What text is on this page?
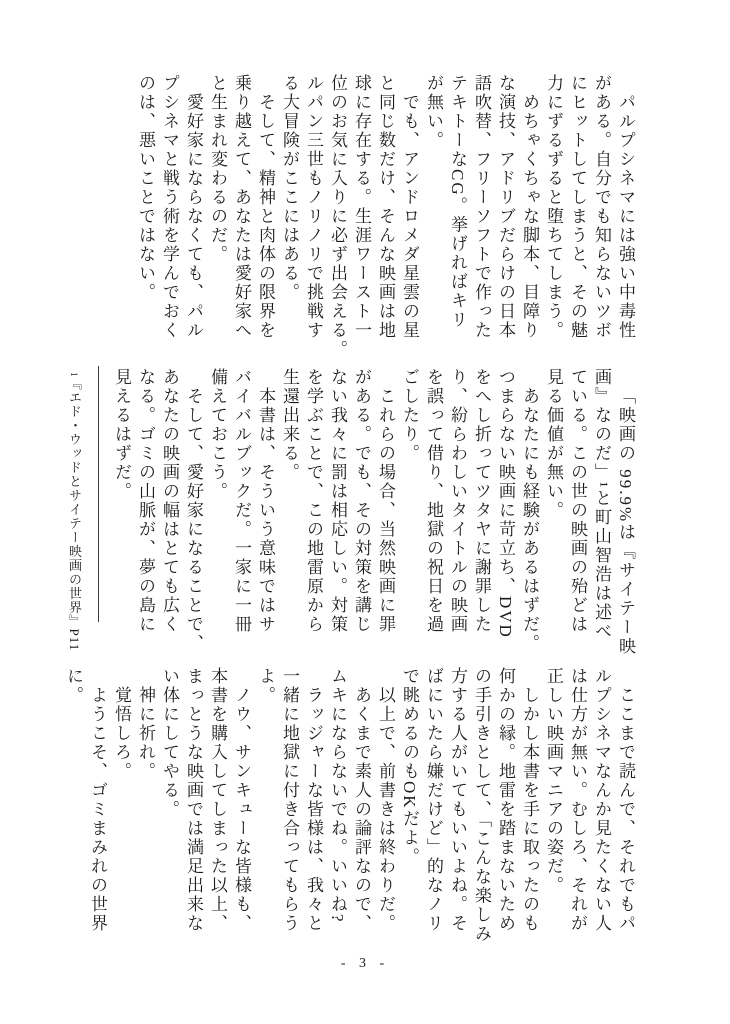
パルプシネマには強い中毒性
がある。自分でも知らないツボ
にヒットしてしまうと、その魅
力にずるずると堕ちてしまう。
めちゃくちゃな脚本、目障り
な演技、アドリブだらけの日本
語吹替、フリーソフトで作った
テキトーなCG。挙げればキリ
が無い。
でも、アンドロメダ星雲の星
と同じ数だけ、そんな映画は地
球に存在する。生涯ワースト一
位のお気に入りに必ず出会える。
ルパン三世もノリノリで挑戦す
る大冒険がここにはある。
そして、精神と肉体の限界を
乗り越えて、あなたは愛好家へ
と生まれ変わるのだ。
愛好家にならなくても、パル
プシネマと戦う術を学んでおく
のは、悪いことではない。
「映画の 99.9%は『サイテー映
画』なのだ」¹と町山智浩は述べ
ている。この世の映画の殆どは
見る価値が無い。
あなたにも経験があるはずだ。
つまらない映画に苛立ち、DVD
をへし折ってツタヤに謝罪した
り、紛らわしいタイトルの映画
を誤って借り、地獄の祝日を過
ごしたり。
これらの場合、当然映画に罪
がある。でも、その対策を講じ
ない我々に罰は相応しい。対策
を学ぶことで、この地雷原から
生還出来る。
本書は、そういう意味ではサ
バイバルブックだ。一家に一冊
備えておこう。
そして、愛好家になることで、
あなたの映画の幅はとても広く
なる。ゴミの山脈が、夢の島に
見えるはずだ。
1『エド・ウッドとサイテー映画の世界』P11
ここまで読んで、それでもパ
ルプシネマなんか見たくない人
は仕方が無い。むしろ、それが
正しい映画マニアの姿だ。
しかし本書を手に取ったのも
何かの縁。地雷を踏まないため
の手引きとして、「こんな楽しみ
方する人がいてもいいよね。そ
ばにいたら嫌だけど」的なノリ
で眺めるのもOKだよ。
以上で、前書きは終わりだ。
あくまで素人の論評なので、
ムキにならないでね。いいね?
ラッジャーな皆様は、我々と
一緒に地獄に付き合ってもらう
よ。
ノウ、サンキューな皆様も、
本書を購入してしまった以上、
まっとうな映画では満足出来な
い体にしてやる。
神に祈れ。
覚悟しろ。
ようこそ、ゴミまみれの世界
に。
- 3 -
